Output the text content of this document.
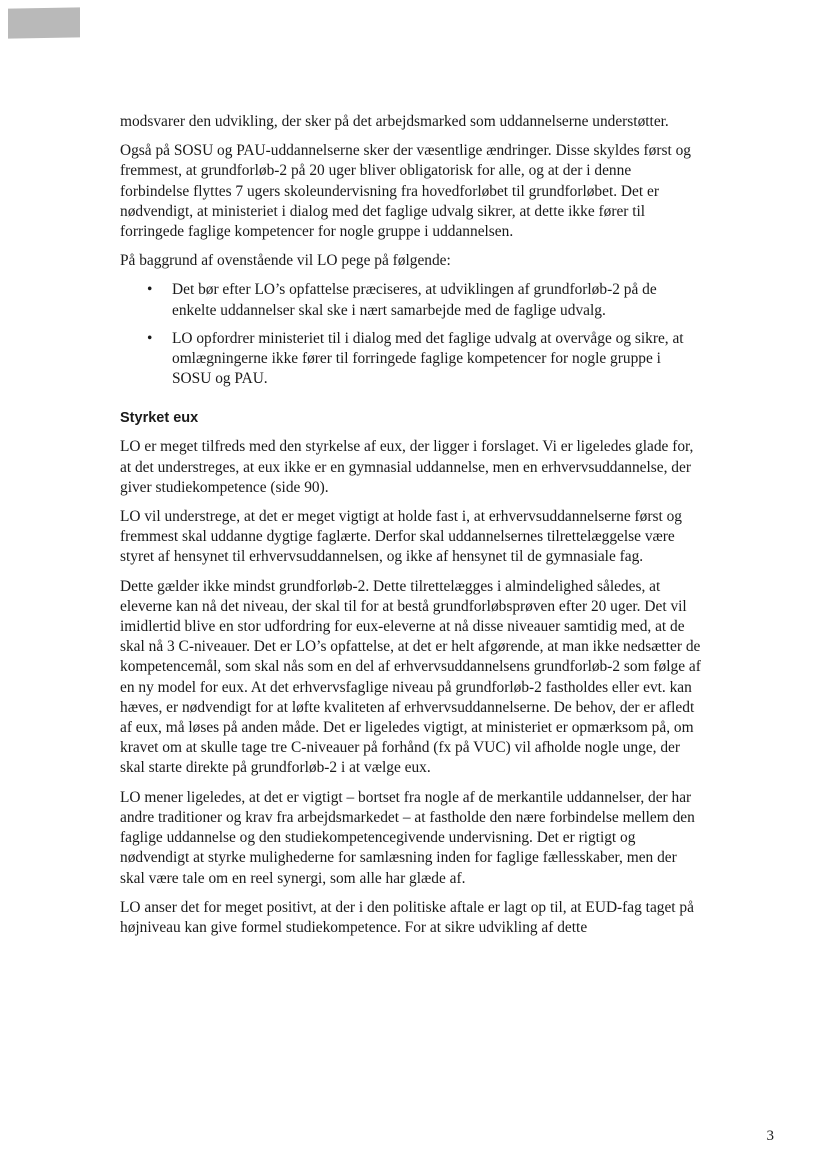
modsvarer den udvikling, der sker på det arbejdsmarked som uddannelserne understøtter.

Også på SOSU og PAU-uddannelserne sker der væsentlige ændringer. Disse skyldes først og fremmest, at grundforløb-2 på 20 uger bliver obligatorisk for alle, og at der i denne forbindelse flyttes 7 ugers skoleundervisning fra hovedforløbet til grundforløbet. Det er nødvendigt, at ministeriet i dialog med det faglige udvalg sikrer, at dette ikke fører til forringede faglige kompetencer for nogle gruppe i uddannelsen.

På baggrund af ovenstående vil LO pege på følgende:

• Det bør efter LO’s opfattelse præciseres, at udviklingen af grundforløb-2 på de enkelte uddannelser skal ske i nært samarbejde med de faglige udvalg.
• LO opfordrer ministeriet til i dialog med det faglige udvalg at overvåge og sikre, at omlægningerne ikke fører til forringede faglige kompetencer for nogle gruppe i SOSU og PAU.
Styrket eux

LO er meget tilfreds med den styrkelse af eux, der ligger i forslaget. Vi er ligeledes glade for, at det understreges, at eux ikke er en gymnasial uddannelse, men en erhvervsuddannelse, der giver studiekompetence (side 90).

LO vil understrege, at det er meget vigtigt at holde fast i, at erhvervsuddannelserne først og fremmest skal uddanne dygtige faglærte. Derfor skal uddannelsernes tilrettelæggelse være styret af hensynet til erhvervsuddannelsen, og ikke af hensynet til de gymnasiale fag.

Dette gælder ikke mindst grundforløb-2. Dette tilrettelægges i almindelighed således, at eleverne kan nå det niveau, der skal til for at bestå grundforløbsprøven efter 20 uger. Det vil imidlertid blive en stor udfordring for eux-eleverne at nå disse niveauer samtidig med, at de skal nå 3 C-niveauer. Det er LO’s opfattelse, at det er helt afgørende, at man ikke nedsætter de kompetencemål, som skal nås som en del af erhvervsuddannelsens grundforløb-2 som følge af en ny model for eux. At det erhvervsfaglige niveau på grundforløb-2 fastholdes eller evt. kan hæves, er nødvendigt for at løfte kvaliteten af erhvervsuddannelserne. De behov, der er afledt af eux, må løses på anden måde. Det er ligeledes vigtigt, at ministeriet er opmærksom på, om kravet om at skulle tage tre C-niveauer på forhånd (fx på VUC) vil afholde nogle unge, der skal starte direkte på grundforløb-2 i at vælge eux.

LO mener ligeledes, at det er vigtigt – bortset fra nogle af de merkantile uddannelser, der har andre traditioner og krav fra arbejdsmarkedet – at fastholde den nære forbindelse mellem den faglige uddannelse og den studiekompetencegivende undervisning. Det er rigtigt og nødvendigt at styrke mulighederne for samlæsning inden for faglige fællesskaber, men der skal være tale om en reel synergi, som alle har glæde af.

LO anser det for meget positivt, at der i den politiske aftale er lagt op til, at EUD-fag taget på højniveau kan give formel studiekompetence. For at sikre udvikling af dette

3
